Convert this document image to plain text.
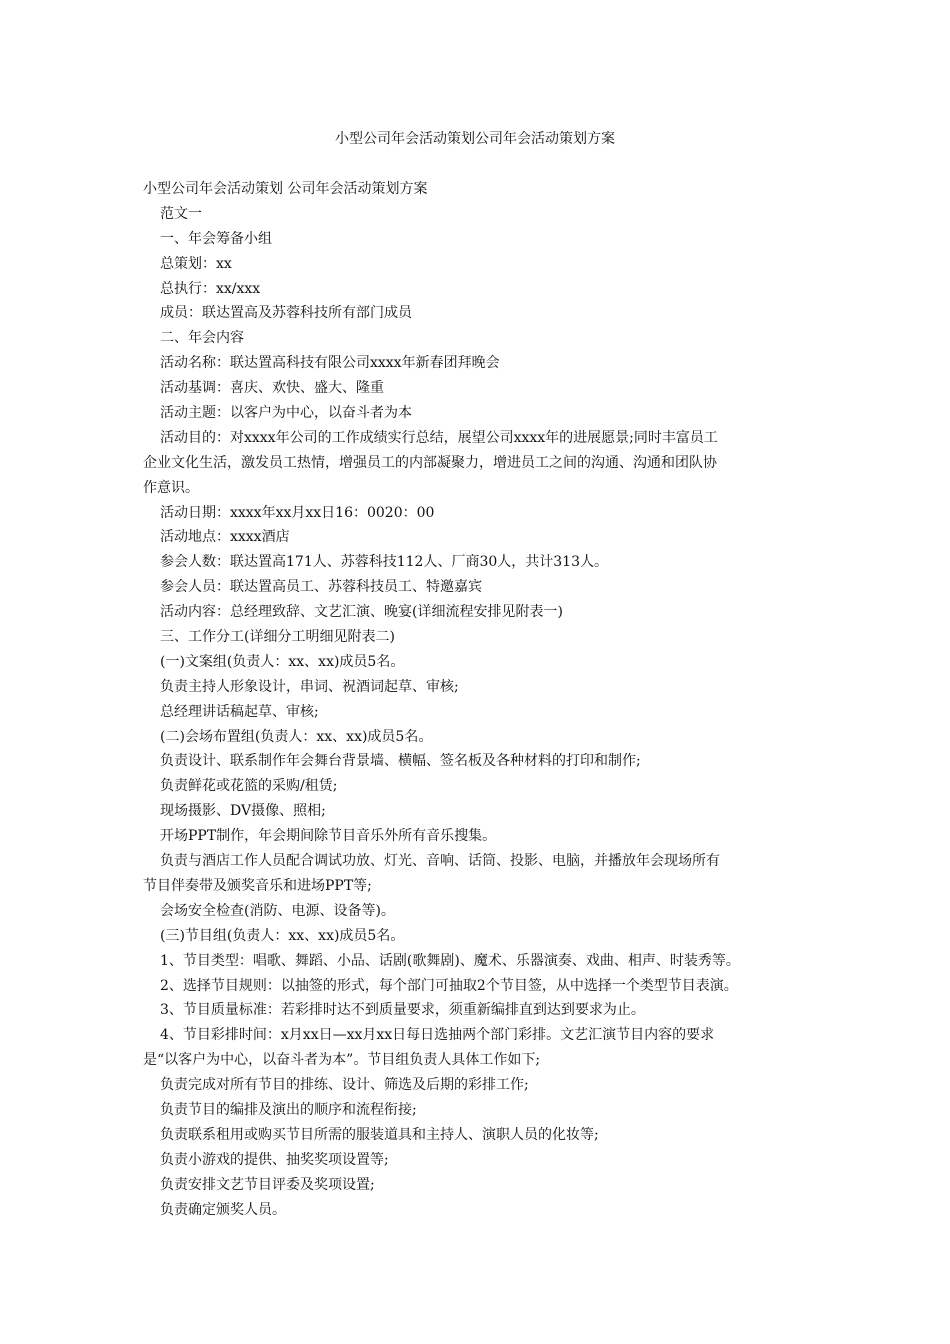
小型公司年会活动策划公司年会活动策划方案
小型公司年会活动策划 公司年会活动策划方案
范文一
一、年会筹备小组
总策划：xx
总执行：xx/xxx
成员：联达置高及苏蓉科技所有部门成员
二、年会内容
活动名称：联达置高科技有限公司xxxx年新春团拜晚会
活动基调：喜庆、欢快、盛大、隆重
活动主题：以客户为中心，以奋斗者为本
活动目的：对xxxx年公司的工作成绩实行总结，展望公司xxxx年的进展愿景;同时丰富员工
企业文化生活，激发员工热情，增强员工的内部凝聚力，增进员工之间的沟通、沟通和团队协
作意识。
活动日期：xxxx年xx月xx日16：0020：00
活动地点：xxxx酒店
参会人数：联达置高171人、苏蓉科技112人、厂商30人，共计313人。
参会人员：联达置高员工、苏蓉科技员工、特邀嘉宾
活动内容：总经理致辞、文艺汇演、晚宴(详细流程安排见附表一)
三、工作分工(详细分工明细见附表二)
(一)文案组(负责人：xx、xx)成员5名。
负责主持人形象设计，串词、祝酒词起草、审核;
总经理讲话稿起草、审核;
(二)会场布置组(负责人：xx、xx)成员5名。
负责设计、联系制作年会舞台背景墙、横幅、签名板及各种材料的打印和制作;
负责鲜花或花篮的采购/租赁;
现场摄影、DV摄像、照相;
开场PPT制作，年会期间除节目音乐外所有音乐搜集。
负责与酒店工作人员配合调试功放、灯光、音响、话筒、投影、电脑，并播放年会现场所有
节目伴奏带及颁奖音乐和进场PPT等;
会场安全检查(消防、电源、设备等)。
(三)节目组(负责人：xx、xx)成员5名。
1、节目类型：唱歌、舞蹈、小品、话剧(歌舞剧)、魔术、乐器演奏、戏曲、相声、时装秀等。
2、选择节目规则：以抽签的形式，每个部门可抽取2个节目签，从中选择一个类型节目表演。
3、节目质量标准：若彩排时达不到质量要求，须重新编排直到达到要求为止。
4、节目彩排时间：x月xx日—xx月xx日每日选抽两个部门彩排。文艺汇演节目内容的要求
是“以客户为中心，以奋斗者为本”。节目组负责人具体工作如下;
负责完成对所有节目的排练、设计、筛选及后期的彩排工作;
负责节目的编排及演出的顺序和流程衔接;
负责联系租用或购买节目所需的服装道具和主持人、演职人员的化妆等;
负责小游戏的提供、抽奖奖项设置等;
负责安排文艺节目评委及奖项设置;
负责确定颁奖人员。
